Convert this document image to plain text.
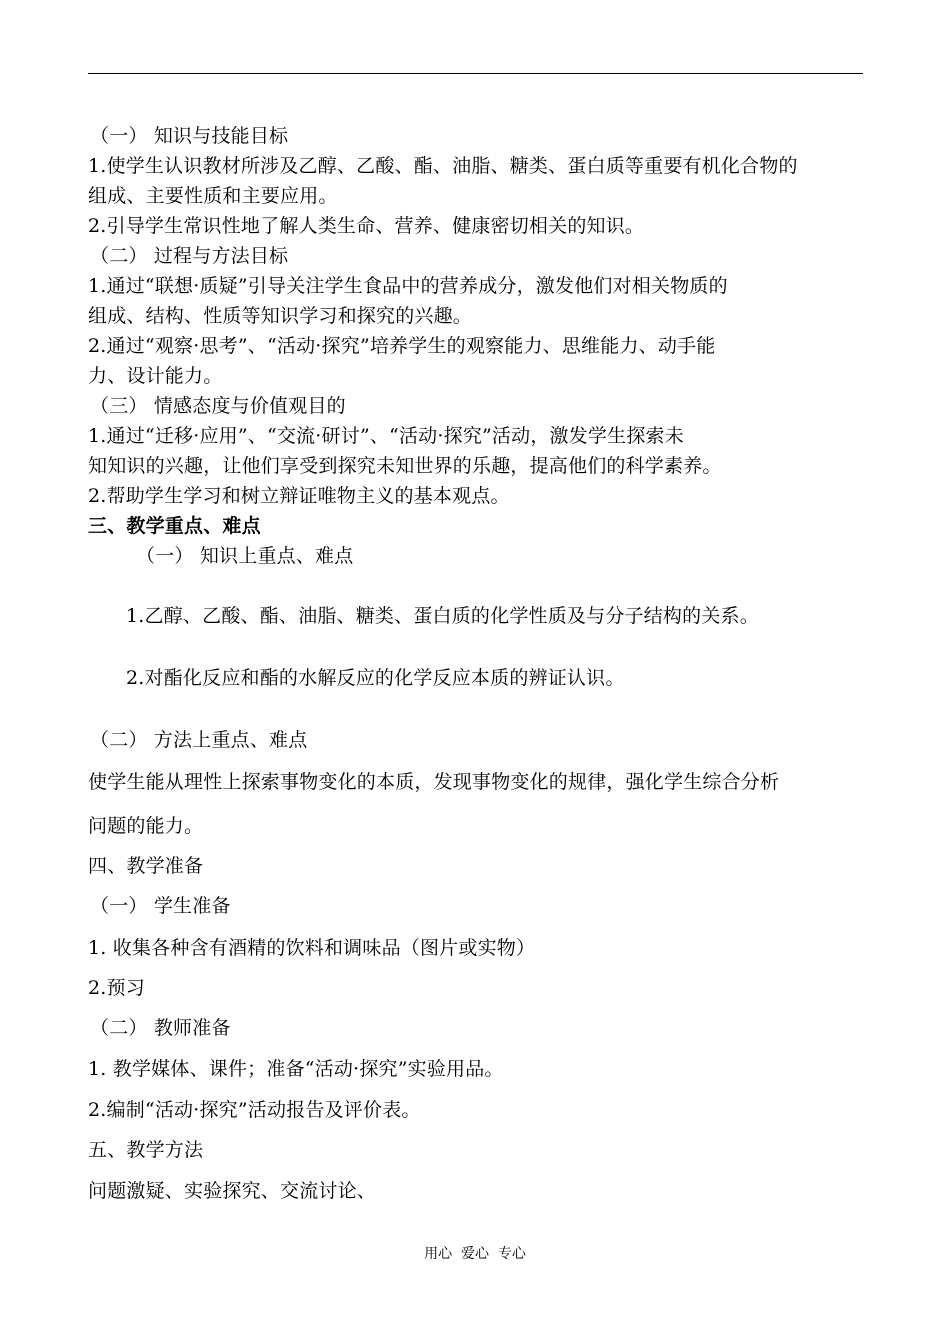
（一） 知识与技能目标
1.使学生认识教材所涉及乙醇、乙酸、酯、油脂、糖类、蛋白质等重要有机化合物的
组成、主要性质和主要应用。
2.引导学生常识性地了解人类生命、营养、健康密切相关的知识。
（二） 过程与方法目标
1.通过“联想·质疑”引导关注学生食品中的营养成分，激发他们对相关物质的
组成、结构、性质等知识学习和探究的兴趣。
2.通过“观察·思考”、“活动·探究”培养学生的观察能力、思维能力、动手能
力、设计能力。
（三） 情感态度与价值观目的
1.通过“迁移·应用”、“交流·研讨”、“活动·探究”活动，激发学生探索未
知知识的兴趣，让他们享受到探究未知世界的乐趣，提高他们的科学素养。
2.帮助学生学习和树立辩证唯物主义的基本观点。
三、教学重点、难点
（一） 知识上重点、难点
1.乙醇、乙酸、酯、油脂、糖类、蛋白质的化学性质及与分子结构的关系。
2.对酯化反应和酯的水解反应的化学反应本质的辨证认识。
（二） 方法上重点、难点
使学生能从理性上探索事物变化的本质，发现事物变化的规律，强化学生综合分析
问题的能力。
四、教学准备
（一） 学生准备
1. 收集各种含有酒精的饮料和调味品（图片或实物）
2.预习
（二） 教师准备
1. 教学媒体、课件；准备“活动·探究”实验用品。
2.编制“活动·探究”活动报告及评价表。
五、教学方法
问题激疑、实验探究、交流讨论、
用心  爱心  专心
